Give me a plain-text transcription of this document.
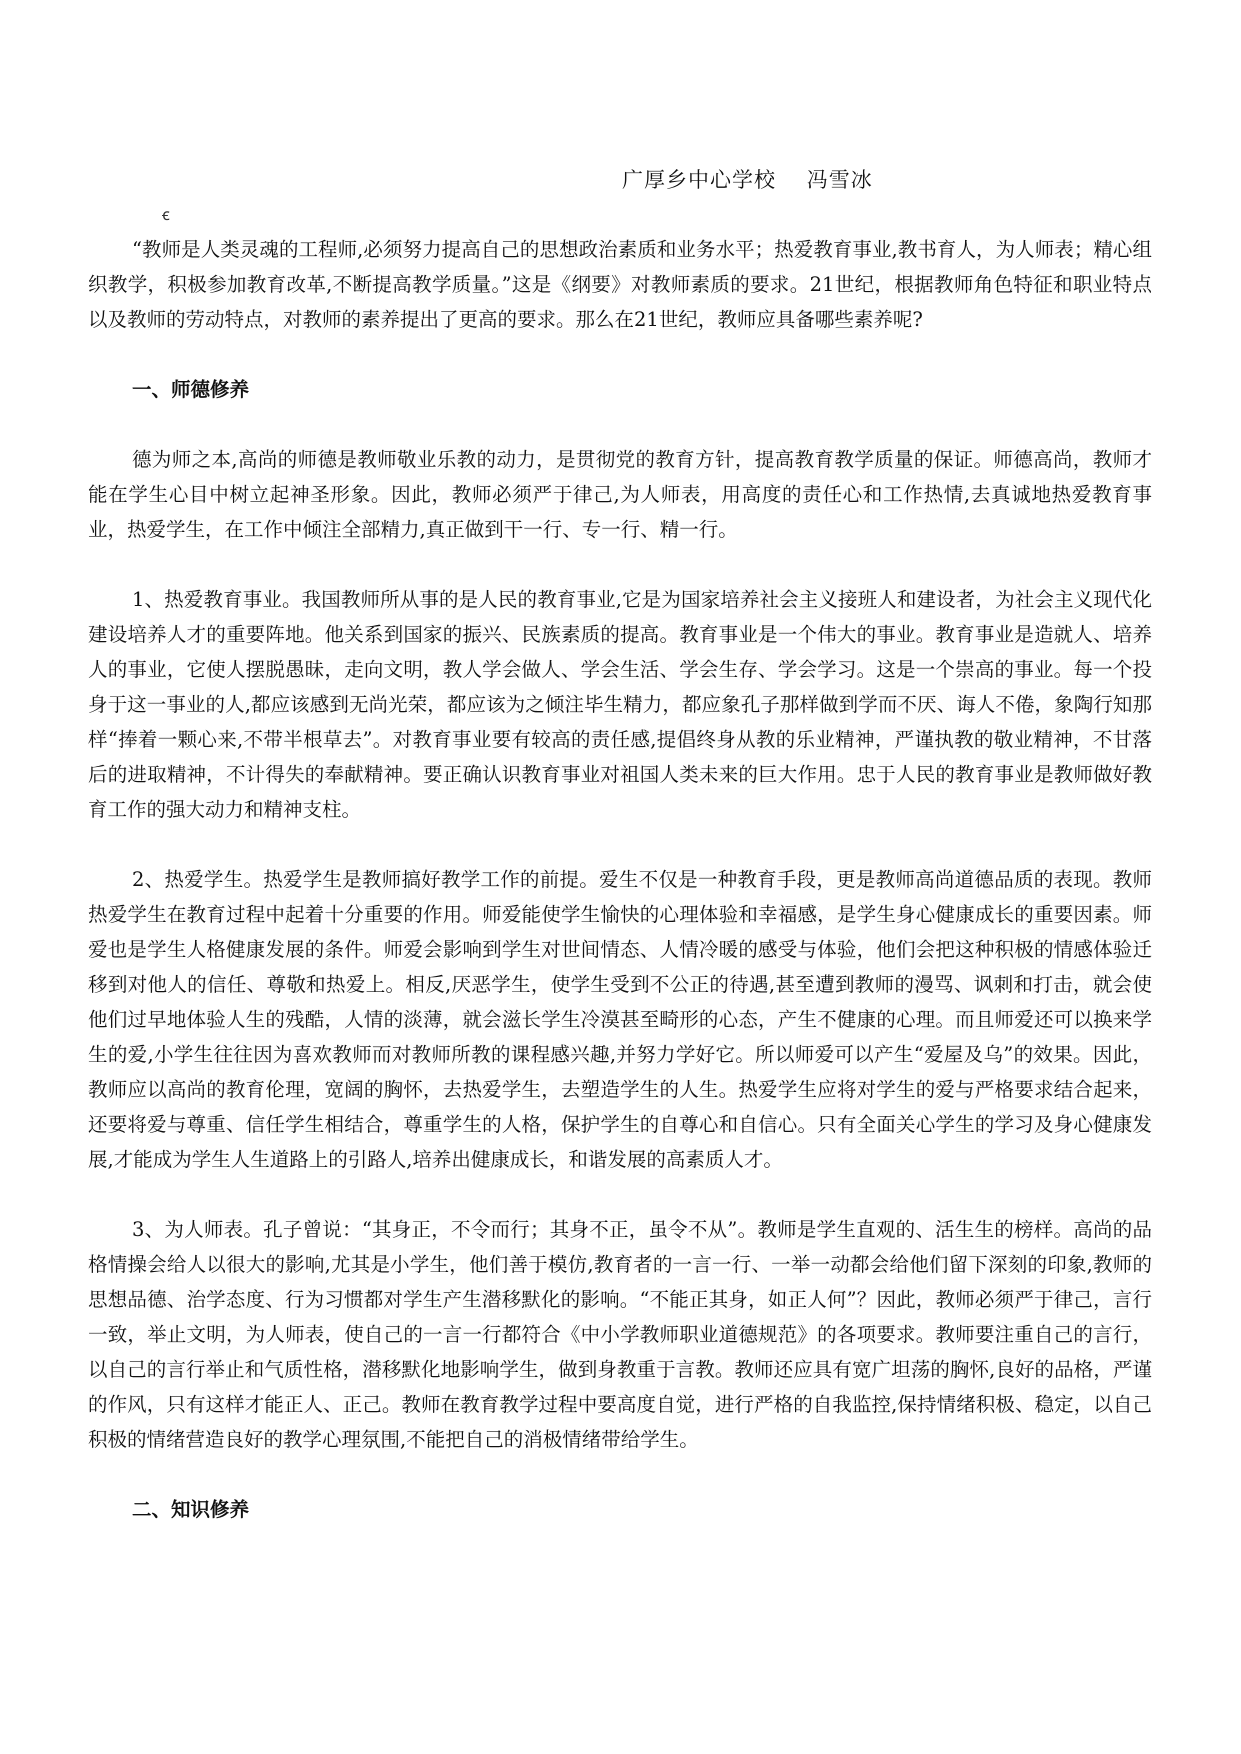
广厚乡中心学校    冯雪冰
ꞓ

“教师是人类灵魂的工程师,必须努力提高自己的思想政治素质和业务水平；热爱教育事业,教书育人，为人师表；精心组织教学，积极参加教育改革,不断提高教学质量。”这是《纲要》对教师素质的要求。21世纪，根据教师角色特征和职业特点以及教师的劳动特点，对教师的素养提出了更高的要求。那么在21世纪，教师应具备哪些素养呢?

一、师德修养

德为师之本,高尚的师德是教师敬业乐教的动力，是贯彻党的教育方针，提高教育教学质量的保证。师德高尚，教师才能在学生心目中树立起神圣形象。因此，教师必须严于律己,为人师表，用高度的责任心和工作热情,去真诚地热爱教育事业，热爱学生，在工作中倾注全部精力,真正做到干一行、专一行、精一行。

1、热爱教育事业。我国教师所从事的是人民的教育事业,它是为国家培养社会主义接班人和建设者，为社会主义现代化建设培养人才的重要阵地。他关系到国家的振兴、民族素质的提高。教育事业是一个伟大的事业。教育事业是造就人、培养人的事业，它使人摆脱愚昧，走向文明，教人学会做人、学会生活、学会生存、学会学习。这是一个崇高的事业。每一个投身于这一事业的人,都应该感到无尚光荣，都应该为之倾注毕生精力，都应象孔子那样做到学而不厌、诲人不倦，象陶行知那样“捧着一颗心来,不带半根草去”。对教育事业要有较高的责任感,提倡终身从教的乐业精神，严谨执教的敬业精神，不甘落后的进取精神，不计得失的奉献精神。要正确认识教育事业对祖国人类未来的巨大作用。忠于人民的教育事业是教师做好教育工作的强大动力和精神支柱。

2、热爱学生。热爱学生是教师搞好教学工作的前提。爱生不仅是一种教育手段，更是教师高尚道德品质的表现。教师热爱学生在教育过程中起着十分重要的作用。师爱能使学生愉快的心理体验和幸福感，是学生身心健康成长的重要因素。师爱也是学生人格健康发展的条件。师爱会影响到学生对世间情态、人情冷暖的感受与体验，他们会把这种积极的情感体验迁移到对他人的信任、尊敬和热爱上。相反,厌恶学生，使学生受到不公正的待遇,甚至遭到教师的漫骂、讽刺和打击，就会使他们过早地体验人生的残酷，人情的淡薄，就会滋长学生冷漠甚至畸形的心态，产生不健康的心理。而且师爱还可以换来学生的爱,小学生往往因为喜欢教师而对教师所教的课程感兴趣,并努力学好它。所以师爱可以产生“爱屋及乌”的效果。因此，教师应以高尚的教育伦理，宽阔的胸怀，去热爱学生，去塑造学生的人生。热爱学生应将对学生的爱与严格要求结合起来，还要将爱与尊重、信任学生相结合，尊重学生的人格，保护学生的自尊心和自信心。只有全面关心学生的学习及身心健康发展,才能成为学生人生道路上的引路人,培养出健康成长，和谐发展的高素质人才。

3、为人师表。孔子曾说：“其身正，不令而行；其身不正，虽令不从”。教师是学生直观的、活生生的榜样。高尚的品格情操会给人以很大的影响,尤其是小学生，他们善于模仿,教育者的一言一行、一举一动都会给他们留下深刻的印象,教师的思想品德、治学态度、行为习惯都对学生产生潜移默化的影响。“不能正其身，如正人何”？因此，教师必须严于律己，言行一致，举止文明，为人师表，使自己的一言一行都符合《中小学教师职业道德规范》的各项要求。教师要注重自己的言行，以自己的言行举止和气质性格，潜移默化地影响学生，做到身教重于言教。教师还应具有宽广坦荡的胸怀,良好的品格，严谨的作风，只有这样才能正人、正己。教师在教育教学过程中要高度自觉，进行严格的自我监控,保持情绪积极、稳定，以自己积极的情绪营造良好的教学心理氛围,不能把自己的消极情绪带给学生。

二、知识修养
